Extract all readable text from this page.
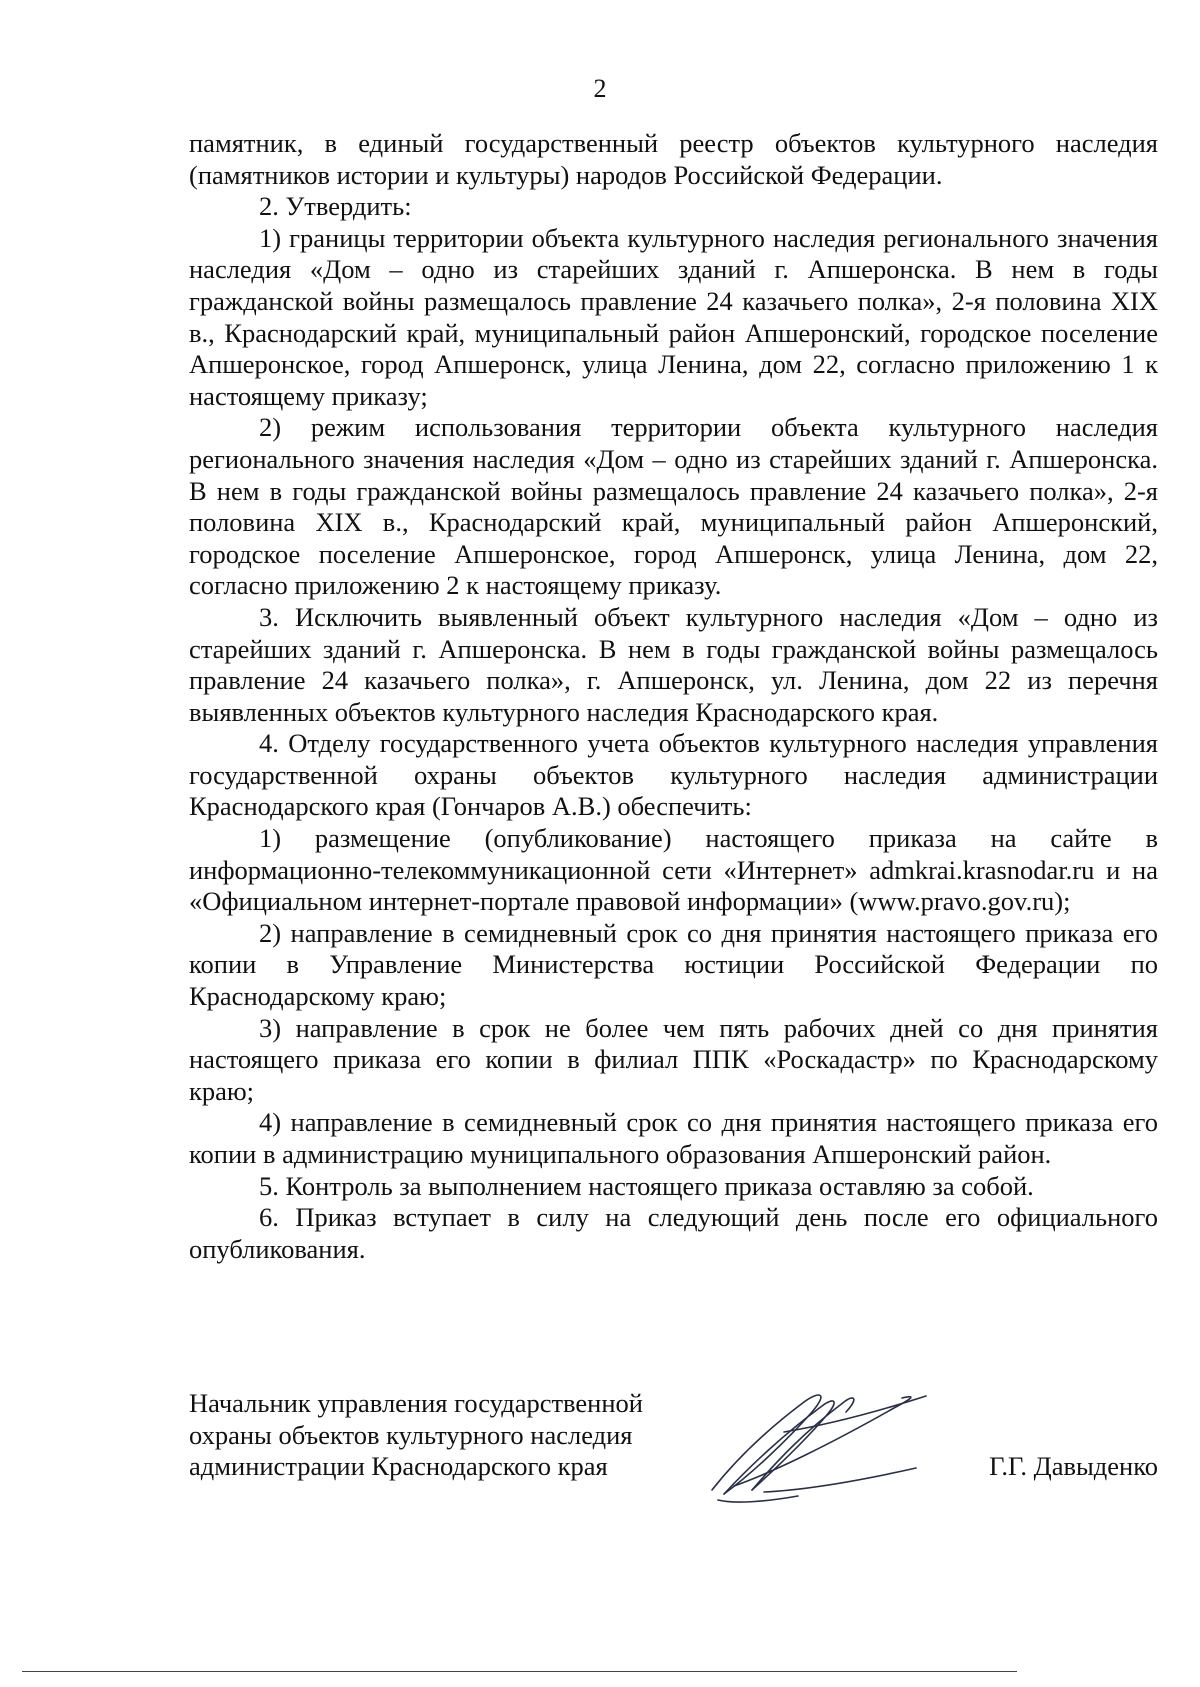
2

памятник, в единый государственный реестр объектов культурного наследия (памятников истории и культуры) народов Российской Федерации.

2. Утвердить:

1) границы территории объекта культурного наследия регионального значения наследия «Дом – одно из старейших зданий г. Апшеронска. В нем в годы гражданской войны размещалось правление 24 казачьего полка», 2-я половина XIX в., Краснодарский край, муниципальный район Апшеронский, городское поселение Апшеронское, город Апшеронск, улица Ленина, дом 22, согласно приложению 1 к настоящему приказу;

2) режим использования территории объекта культурного наследия регионального значения наследия «Дом – одно из старейших зданий г. Апшеронска. В нем в годы гражданской войны размещалось правление 24 казачьего полка», 2-я половина XIX в., Краснодарский край, муниципальный район Апшеронский, городское поселение Апшеронское, город Апшеронск, улица Ленина, дом 22, согласно приложению 2 к настоящему приказу.

3. Исключить выявленный объект культурного наследия «Дом – одно из старейших зданий г. Апшеронска. В нем в годы гражданской войны размещалось правление 24 казачьего полка», г. Апшеронск, ул. Ленина, дом 22 из перечня выявленных объектов культурного наследия Краснодарского края.

4. Отделу государственного учета объектов культурного наследия управления государственной охраны объектов культурного наследия администрации Краснодарского края (Гончаров А.В.) обеспечить:

1) размещение (опубликование) настоящего приказа на сайте в информационно-телекоммуникационной сети «Интернет» admkrai.krasnodar.ru и на «Официальном интернет-портале правовой информации» (www.pravo.gov.ru);

2) направление в семидневный срок со дня принятия настоящего приказа его копии в Управление Министерства юстиции Российской Федерации по Краснодарскому краю;

3) направление в срок не более чем пять рабочих дней со дня принятия настоящего приказа его копии в филиал ППК «Роскадастр» по Краснодарскому краю;

4) направление в семидневный срок со дня принятия настоящего приказа его копии в администрацию муниципального образования Апшеронский район.

5. Контроль за выполнением настоящего приказа оставляю за собой.

6. Приказ вступает в силу на следующий день после его официального опубликования.

Начальник управления государственной
охраны объектов культурного наследия
администрации Краснодарского края	Г.Г. Давыденко
